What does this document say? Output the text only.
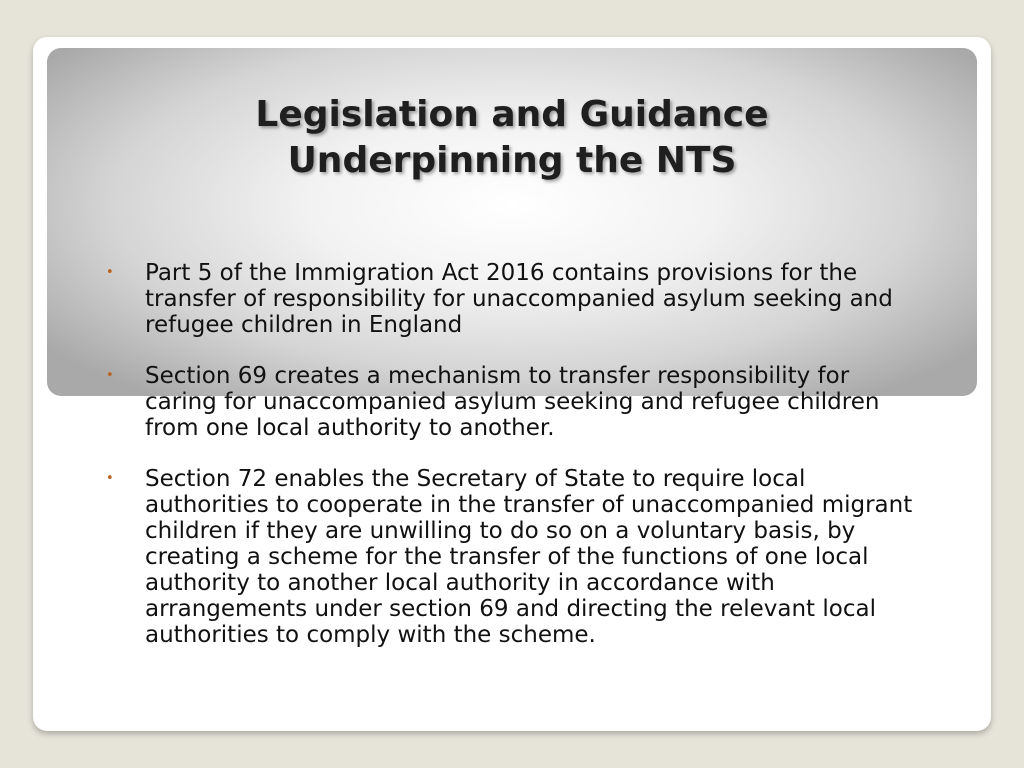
Legislation and Guidance
Underpinning the NTS
• Part 5 of the Immigration Act 2016 contains provisions for the transfer of responsibility for unaccompanied asylum seeking and refugee children in England
• Section 69 creates a mechanism to transfer responsibility for caring for unaccompanied asylum seeking and refugee children from one local authority to another.
• Section 72 enables the Secretary of State to require local authorities to cooperate in the transfer of unaccompanied migrant children if they are unwilling to do so on a voluntary basis, by creating a scheme for the transfer of the functions of one local authority to another local authority in accordance with arrangements under section 69 and directing the relevant local authorities to comply with the scheme.
